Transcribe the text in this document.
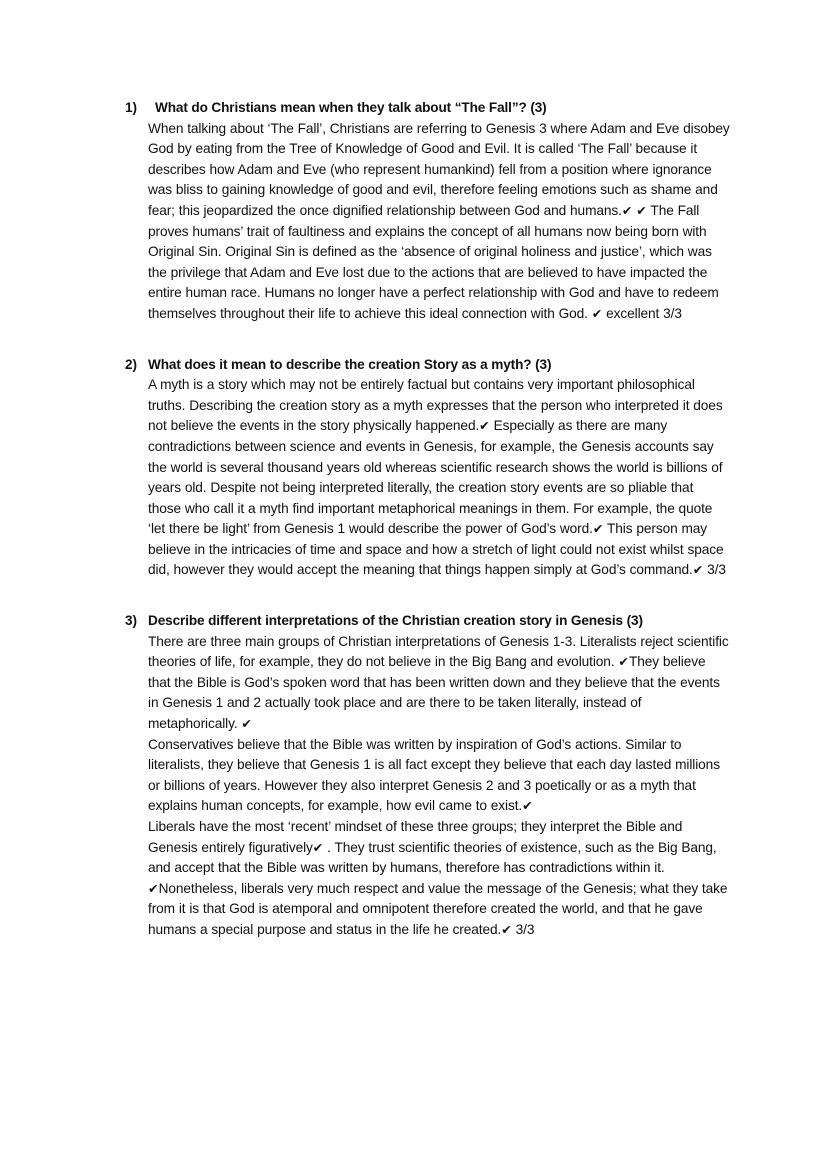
1)	What do Christians mean when they talk about “The Fall”? (3)

When talking about ‘The Fall’, Christians are referring to Genesis 3 where Adam and Eve disobey God by eating from the Tree of Knowledge of Good and Evil. It is called ‘The Fall’ because it describes how Adam and Eve (who represent humankind) fell from a position where ignorance was bliss to gaining knowledge of good and evil, therefore feeling emotions such as shame and fear; this jeopardized the once dignified relationship between God and humans.✔ ✔ The Fall proves humans’ trait of faultiness and explains the concept of all humans now being born with Original Sin. Original Sin is defined as the ‘absence of original holiness and justice’, which was the privilege that Adam and Eve lost due to the actions that are believed to have impacted the entire human race. Humans no longer have a perfect relationship with God and have to redeem themselves throughout their life to achieve this ideal connection with God. ✔ excellent 3/3

2) What does it mean to describe the creation Story as a myth? (3)

A myth is a story which may not be entirely factual but contains very important philosophical truths. Describing the creation story as a myth expresses that the person who interpreted it does not believe the events in the story physically happened.✔ Especially as there are many contradictions between science and events in Genesis, for example, the Genesis accounts say the world is several thousand years old whereas scientific research shows the world is billions of years old. Despite not being interpreted literally, the creation story events are so pliable that those who call it a myth find important metaphorical meanings in them. For example, the quote ‘let there be light’ from Genesis 1 would describe the power of God’s word.✔ This person may believe in the intricacies of time and space and how a stretch of light could not exist whilst space did, however they would accept the meaning that things happen simply at God’s command.✔ 3/3

3) Describe different interpretations of the Christian creation story in Genesis (3)

There are three main groups of Christian interpretations of Genesis 1-3. Literalists reject scientific theories of life, for example, they do not believe in the Big Bang and evolution. ✔They believe that the Bible is God’s spoken word that has been written down and they believe that the events in Genesis 1 and 2 actually took place and are there to be taken literally, instead of metaphorically. ✔

Conservatives believe that the Bible was written by inspiration of God’s actions. Similar to literalists, they believe that Genesis 1 is all fact except they believe that each day lasted millions or billions of years. However they also interpret Genesis 2 and 3 poetically or as a myth that explains human concepts, for example, how evil came to exist.✔

Liberals have the most ‘recent’ mindset of these three groups; they interpret the Bible and Genesis entirely figuratively✔ . They trust scientific theories of existence, such as the Big Bang, and accept that the Bible was written by humans, therefore has contradictions within it. ✔Nonetheless, liberals very much respect and value the message of the Genesis; what they take from it is that God is atemporal and omnipotent therefore created the world, and that he gave humans a special purpose and status in the life he created.✔ 3/3
